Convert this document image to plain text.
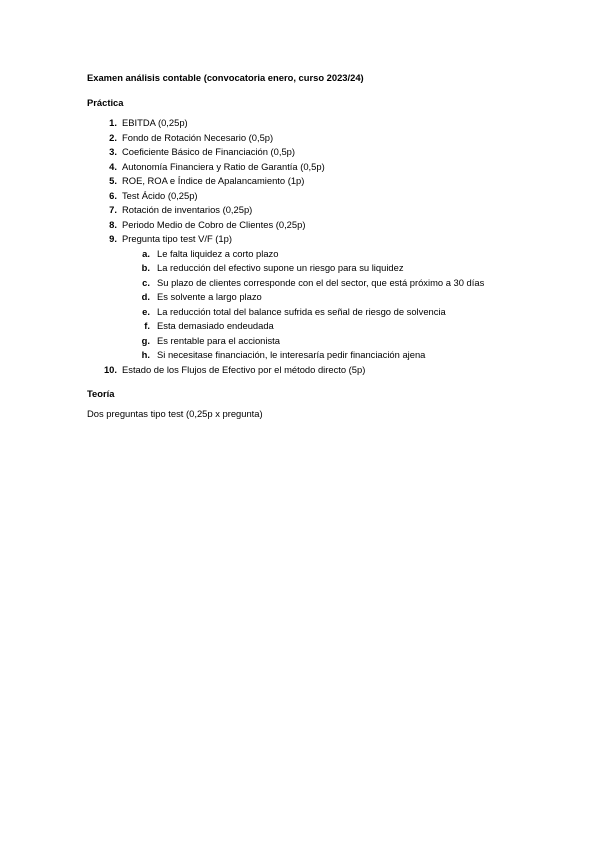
Examen análisis contable (convocatoria enero, curso 2023/24)

Práctica

1. EBITDA (0,25p)
2. Fondo de Rotación Necesario (0,5p)
3. Coeficiente Básico de Financiación (0,5p)
4. Autonomía Financiera y Ratio de Garantía (0,5p)
5. ROE, ROA e Índice de Apalancamiento (1p)
6. Test Ácido (0,25p)
7. Rotación de inventarios (0,25p)
8. Periodo Medio de Cobro de Clientes (0,25p)
9. Pregunta tipo test V/F (1p)
a. Le falta liquidez a corto plazo
b. La reducción del efectivo supone un riesgo para su liquidez
c. Su plazo de clientes corresponde con el del sector, que está próximo a 30 días
d. Es solvente a largo plazo
e. La reducción total del balance sufrida es señal de riesgo de solvencia
f. Esta demasiado endeudada
g. Es rentable para el accionista
h. Si necesitase financiación, le interesaría pedir financiación ajena
10. Estado de los Flujos de Efectivo por el método directo (5p)

Teoría

Dos preguntas tipo test (0,25p x pregunta)
